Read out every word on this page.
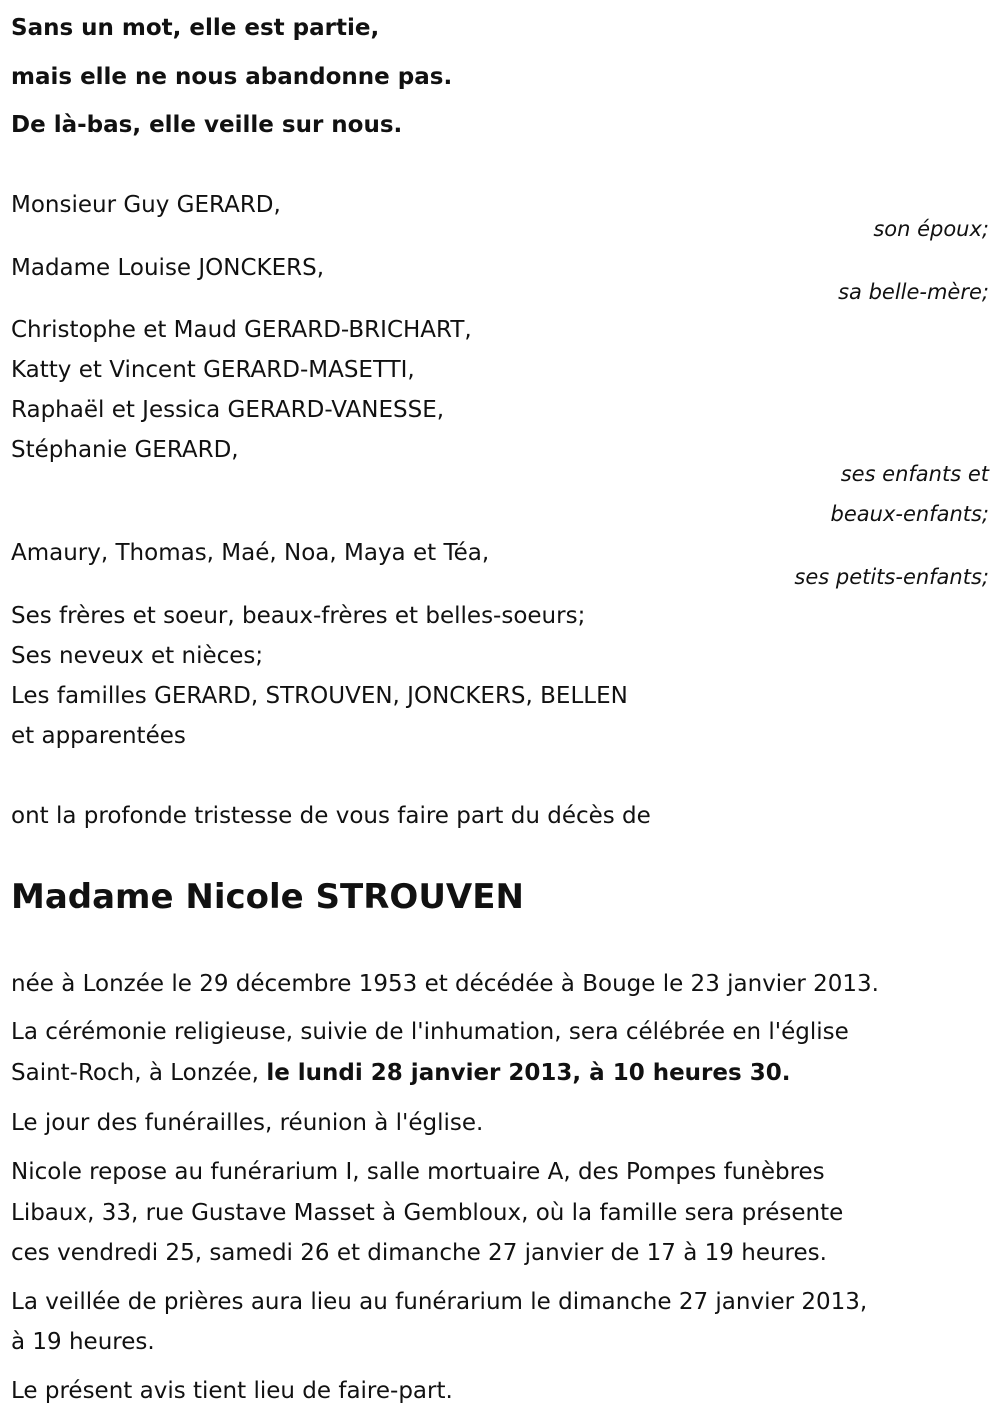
Sans un mot, elle est partie,
mais elle ne nous abandonne pas.
De là-bas, elle veille sur nous.
Monsieur Guy GERARD,
son époux;
Madame Louise JONCKERS,
sa belle-mère;
Christophe et Maud GERARD-BRICHART,
Katty et Vincent GERARD-MASETTI,
Raphaël et Jessica GERARD-VANESSE,
Stéphanie GERARD,
ses enfants et
beaux-enfants;
Amaury, Thomas, Maé, Noa, Maya et Téa,
ses petits-enfants;
Ses frères et soeur, beaux-frères et belles-soeurs;
Ses neveux et nièces;
Les familles GERARD, STROUVEN, JONCKERS, BELLEN
et apparentées
ont la profonde tristesse de vous faire part du décès de
Madame Nicole STROUVEN
née à Lonzée le 29 décembre 1953 et décédée à Bouge le 23 janvier 2013.
La cérémonie religieuse, suivie de l'inhumation, sera célébrée en l'église
Saint-Roch, à Lonzée, le lundi 28 janvier 2013, à 10 heures 30.
Le jour des funérailles, réunion à l'église.
Nicole repose au funérarium I, salle mortuaire A, des Pompes funèbres
Libaux, 33, rue Gustave Masset à Gembloux, où la famille sera présente
ces vendredi 25, samedi 26 et dimanche 27 janvier de 17 à 19 heures.
La veillée de prières aura lieu au funérarium le dimanche 27 janvier 2013,
à 19 heures.
Le présent avis tient lieu de faire-part.
